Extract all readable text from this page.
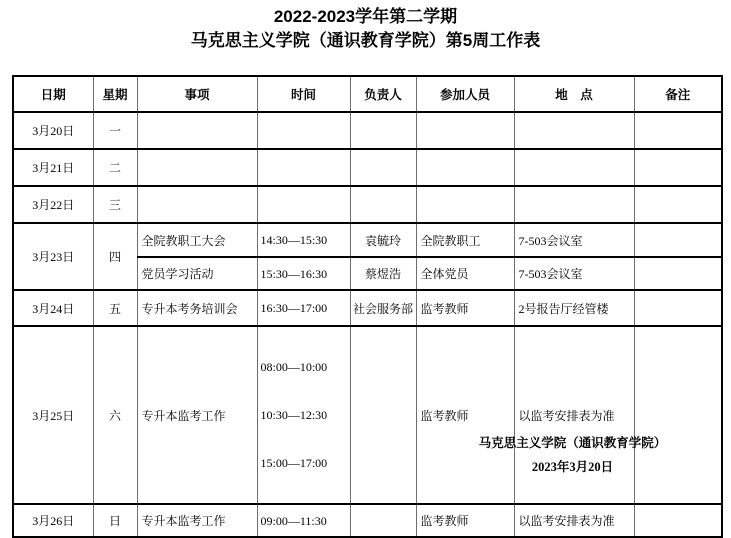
2022-2023学年第二学期
马克思主义学院（通识教育学院）第5周工作表
日期	星期	事项	时间	负责人	参加人员	地　点	备注
3月20日	一						
3月21日	二						
3月22日	三						
3月23日	四	全院教职工大会	14:30—15:30	袁毓玲	全院教职工	7-503会议室	
		党员学习活动	15:30—16:30	蔡煜浩	全体党员	7-503会议室	
3月24日	五	专升本考务培训会	16:30—17:00	社会服务部	监考教师	2号报告厅经管楼	
3月25日	六	专升本监考工作	08:00—10:00

10:30—12:30

15:00—17:00		监考教师	以监考安排表为准	
3月26日	日	专升本监考工作	09:00—11:30		监考教师	以监考安排表为准	
马克思主义学院（通识教育学院）
2023年3月20日
